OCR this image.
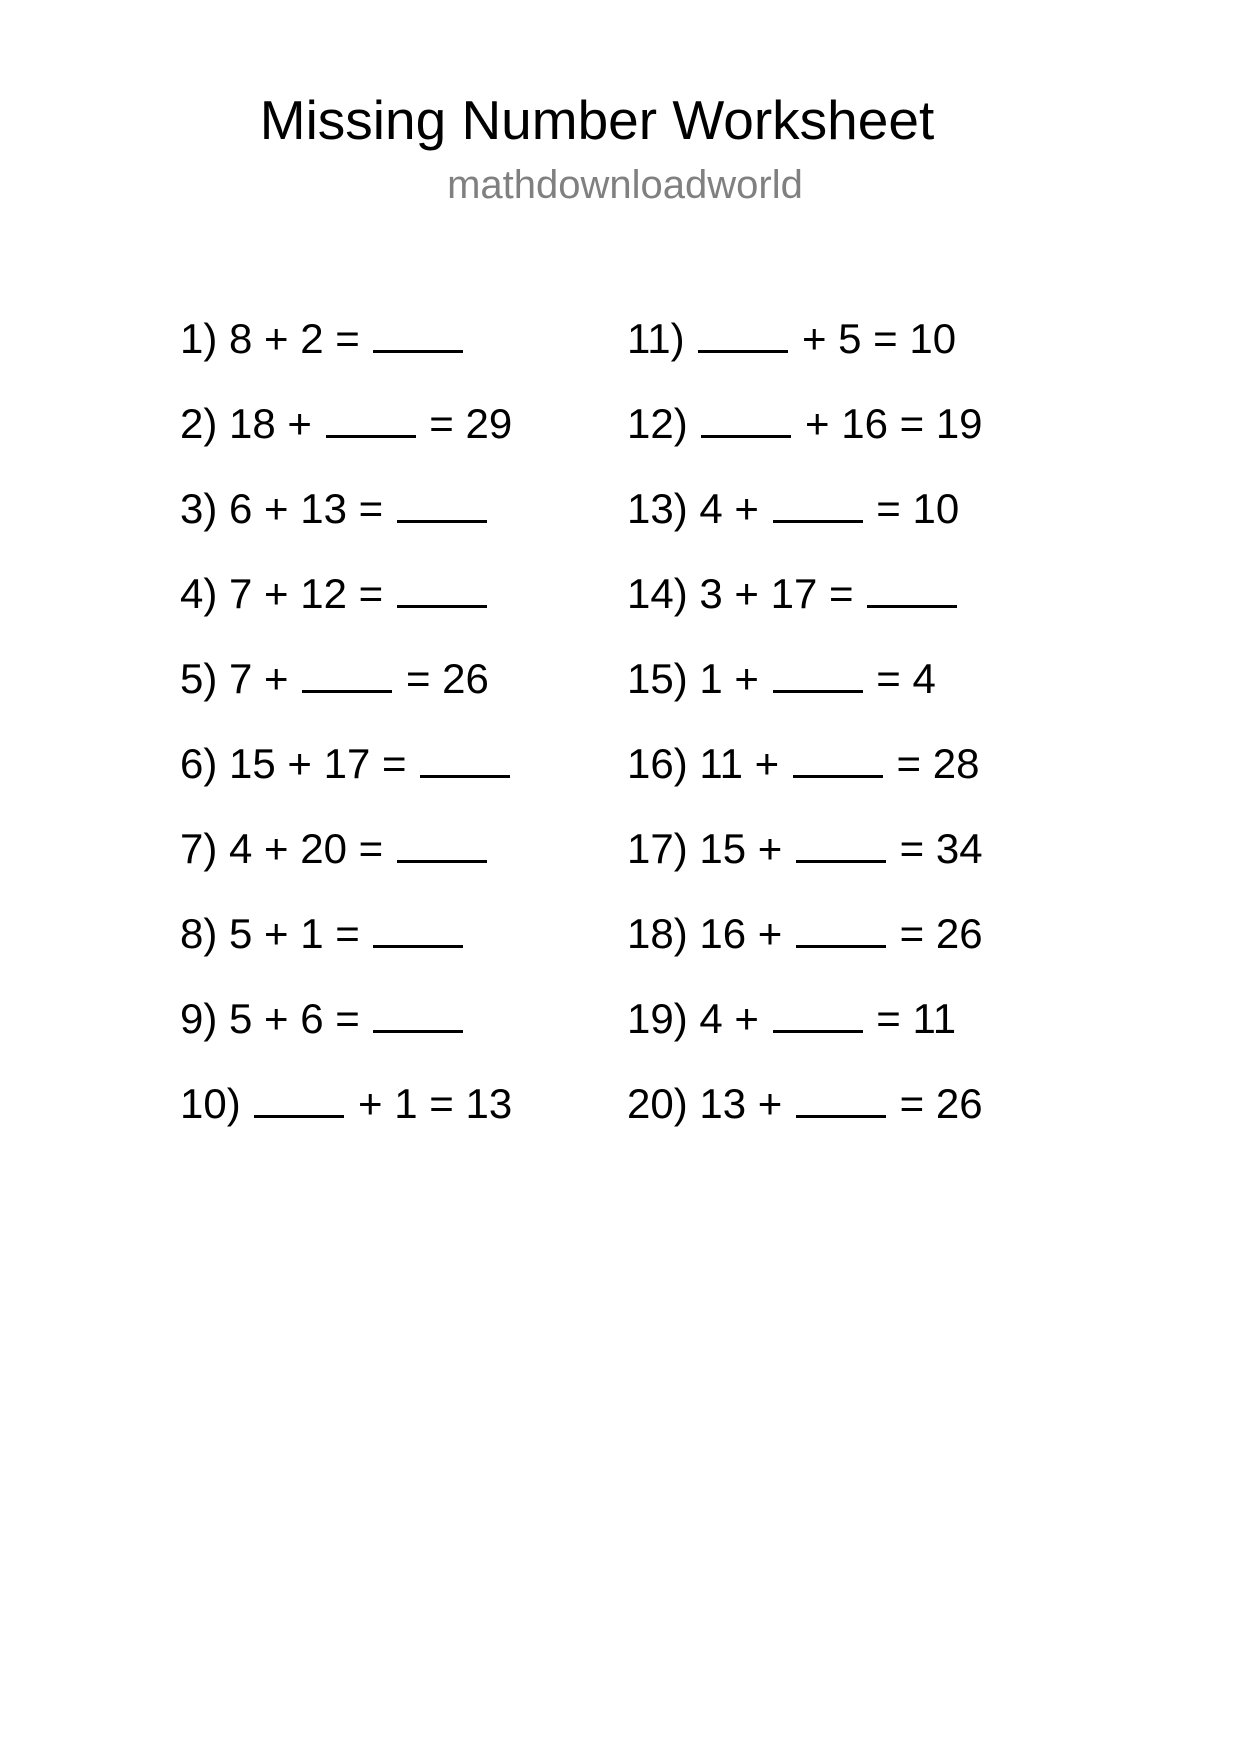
Missing Number Worksheet
mathdownloadworld
1) 8 + 2 =
2) 18 +	= 29
3) 6 + 13 =
4) 7 + 12 =
5) 7 +	= 26
6) 15 + 17 =
7) 4 + 20 =
8) 5 + 1 =
9) 5 + 6 =
10)	+ 1 = 13
11)	+ 5 = 10
12)	+ 16 = 19
13) 4 +	= 10
14) 3 + 17 =
15) 1 +	= 4
16) 11 +	= 28
17) 15 +	= 34
18) 16 +	= 26
19) 4 +	= 11
20) 13 +	= 26
